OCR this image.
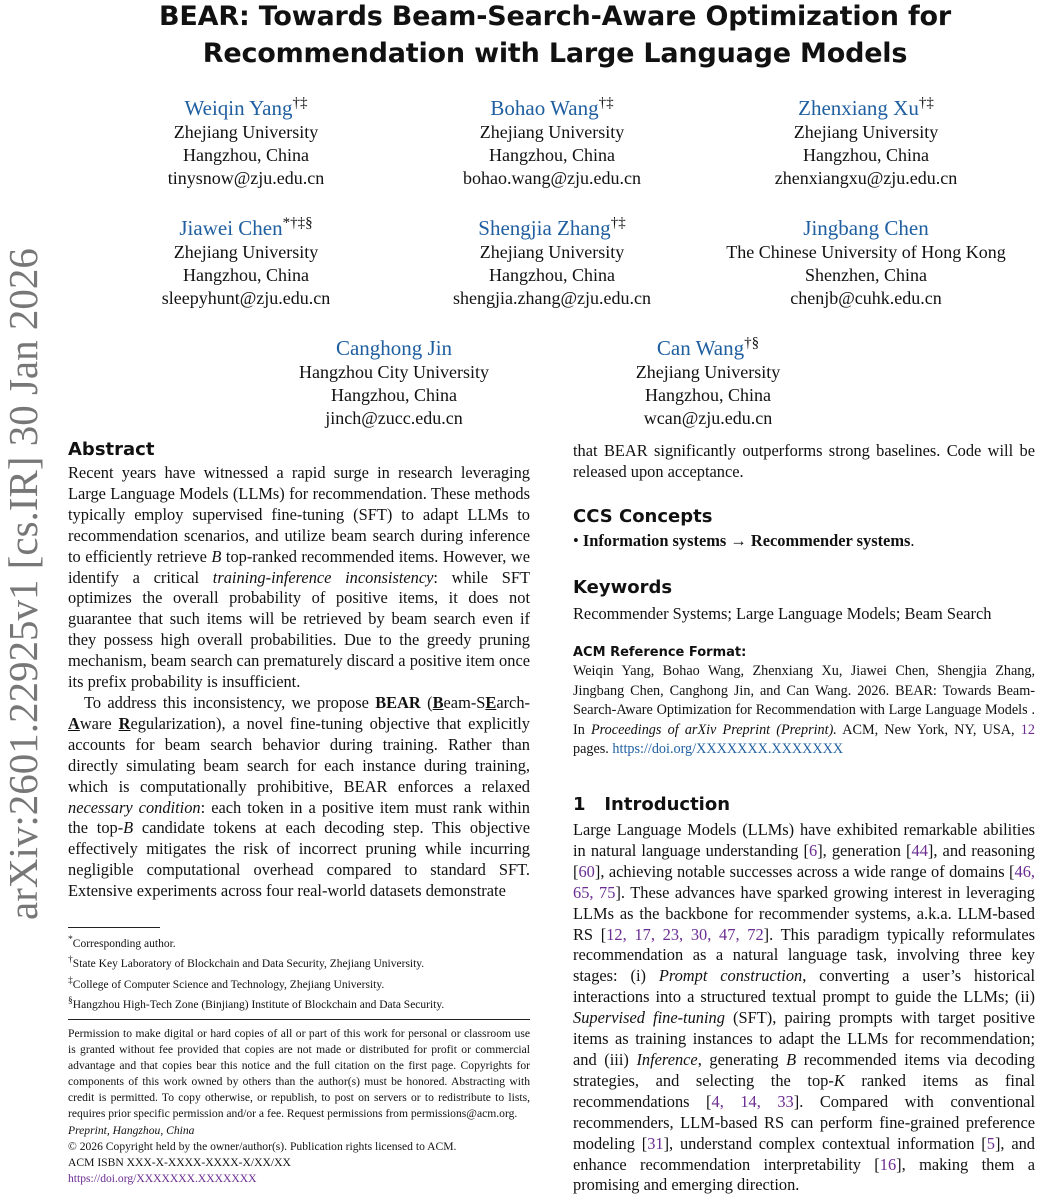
BEAR: Towards Beam-Search-Aware Optimization for
Recommendation with Large Language Models
arXiv:2601.22925v1 [cs.IR] 30 Jan 2026
Weiqin Yang†‡
Zhejiang University
Hangzhou, China
tinysnow@zju.edu.cn
Bohao Wang†‡
Zhejiang University
Hangzhou, China
bohao.wang@zju.edu.cn
Zhenxiang Xu†‡
Zhejiang University
Hangzhou, China
zhenxiangxu@zju.edu.cn
Jiawei Chen*†‡§
Zhejiang University
Hangzhou, China
sleepyhunt@zju.edu.cn
Shengjia Zhang†‡
Zhejiang University
Hangzhou, China
shengjia.zhang@zju.edu.cn
Jingbang Chen
The Chinese University of Hong Kong
Shenzhen, China
chenjb@cuhk.edu.cn
Canghong Jin
Hangzhou City University
Hangzhou, China
jinch@zucc.edu.cn
Can Wang†§
Zhejiang University
Hangzhou, China
wcan@zju.edu.cn
Abstract
Recent years have witnessed a rapid surge in research leveraging Large Language Models (LLMs) for recommendation. These methods typically employ supervised fine-tuning (SFT) to adapt LLMs to recommendation scenarios, and utilize beam search during inference to efficiently retrieve B top-ranked recommended items. However, we identify a critical training-inference inconsistency: while SFT optimizes the overall probability of positive items, it does not guarantee that such items will be retrieved by beam search even if they possess high overall probabilities. Due to the greedy pruning mechanism, beam search can prematurely discard a positive item once its prefix probability is insufficient.
To address this inconsistency, we propose BEAR (Beam-SEarch-Aware Regularization), a novel fine-tuning objective that explicitly accounts for beam search behavior during training. Rather than directly simulating beam search for each instance during training, which is computationally prohibitive, BEAR enforces a relaxed necessary condition: each token in a positive item must rank within the top-B candidate tokens at each decoding step. This objective effectively mitigates the risk of incorrect pruning while incurring negligible computational overhead compared to standard SFT. Extensive experiments across four real-world datasets demonstrate
*Corresponding author.
†State Key Laboratory of Blockchain and Data Security, Zhejiang University.
‡College of Computer Science and Technology, Zhejiang University.
§Hangzhou High-Tech Zone (Binjiang) Institute of Blockchain and Data Security.
Permission to make digital or hard copies of all or part of this work for personal or classroom use is granted without fee provided that copies are not made or distributed for profit or commercial advantage and that copies bear this notice and the full citation on the first page. Copyrights for components of this work owned by others than the author(s) must be honored. Abstracting with credit is permitted. To copy otherwise, or republish, to post on servers or to redistribute to lists, requires prior specific permission and/or a fee. Request permissions from permissions@acm.org.
Preprint, Hangzhou, China
© 2026 Copyright held by the owner/author(s). Publication rights licensed to ACM.
ACM ISBN XXX-X-XXXX-XXXX-X/XX/XX
https://doi.org/XXXXXXX.XXXXXXX
that BEAR significantly outperforms strong baselines. Code will be released upon acceptance.
CCS Concepts
• Information systems → Recommender systems.
Keywords
Recommender Systems; Large Language Models; Beam Search
ACM Reference Format:
Weiqin Yang, Bohao Wang, Zhenxiang Xu, Jiawei Chen, Shengjia Zhang, Jingbang Chen, Canghong Jin, and Can Wang. 2026. BEAR: Towards Beam-Search-Aware Optimization for Recommendation with Large Language Models . In Proceedings of arXiv Preprint (Preprint). ACM, New York, NY, USA, 12 pages. https://doi.org/XXXXXXX.XXXXXXX
1 Introduction
Large Language Models (LLMs) have exhibited remarkable abilities in natural language understanding [6], generation [44], and reasoning [60], achieving notable successes across a wide range of domains [46, 65, 75]. These advances have sparked growing interest in leveraging LLMs as the backbone for recommender systems, a.k.a. LLM-based RS [12, 17, 23, 30, 47, 72]. This paradigm typically reformulates recommendation as a natural language task, involving three key stages: (i) Prompt construction, converting a user’s historical interactions into a structured textual prompt to guide the LLMs; (ii) Supervised fine-tuning (SFT), pairing prompts with target positive items as training instances to adapt the LLMs for recommendation; and (iii) Inference, generating B recommended items via decoding strategies, and selecting the top-K ranked items as final recommendations [4, 14, 33]. Compared with conventional recommenders, LLM-based RS can perform fine-grained preference modeling [31], understand complex contextual information [5], and enhance recommendation interpretability [16], making them a promising and emerging direction.
